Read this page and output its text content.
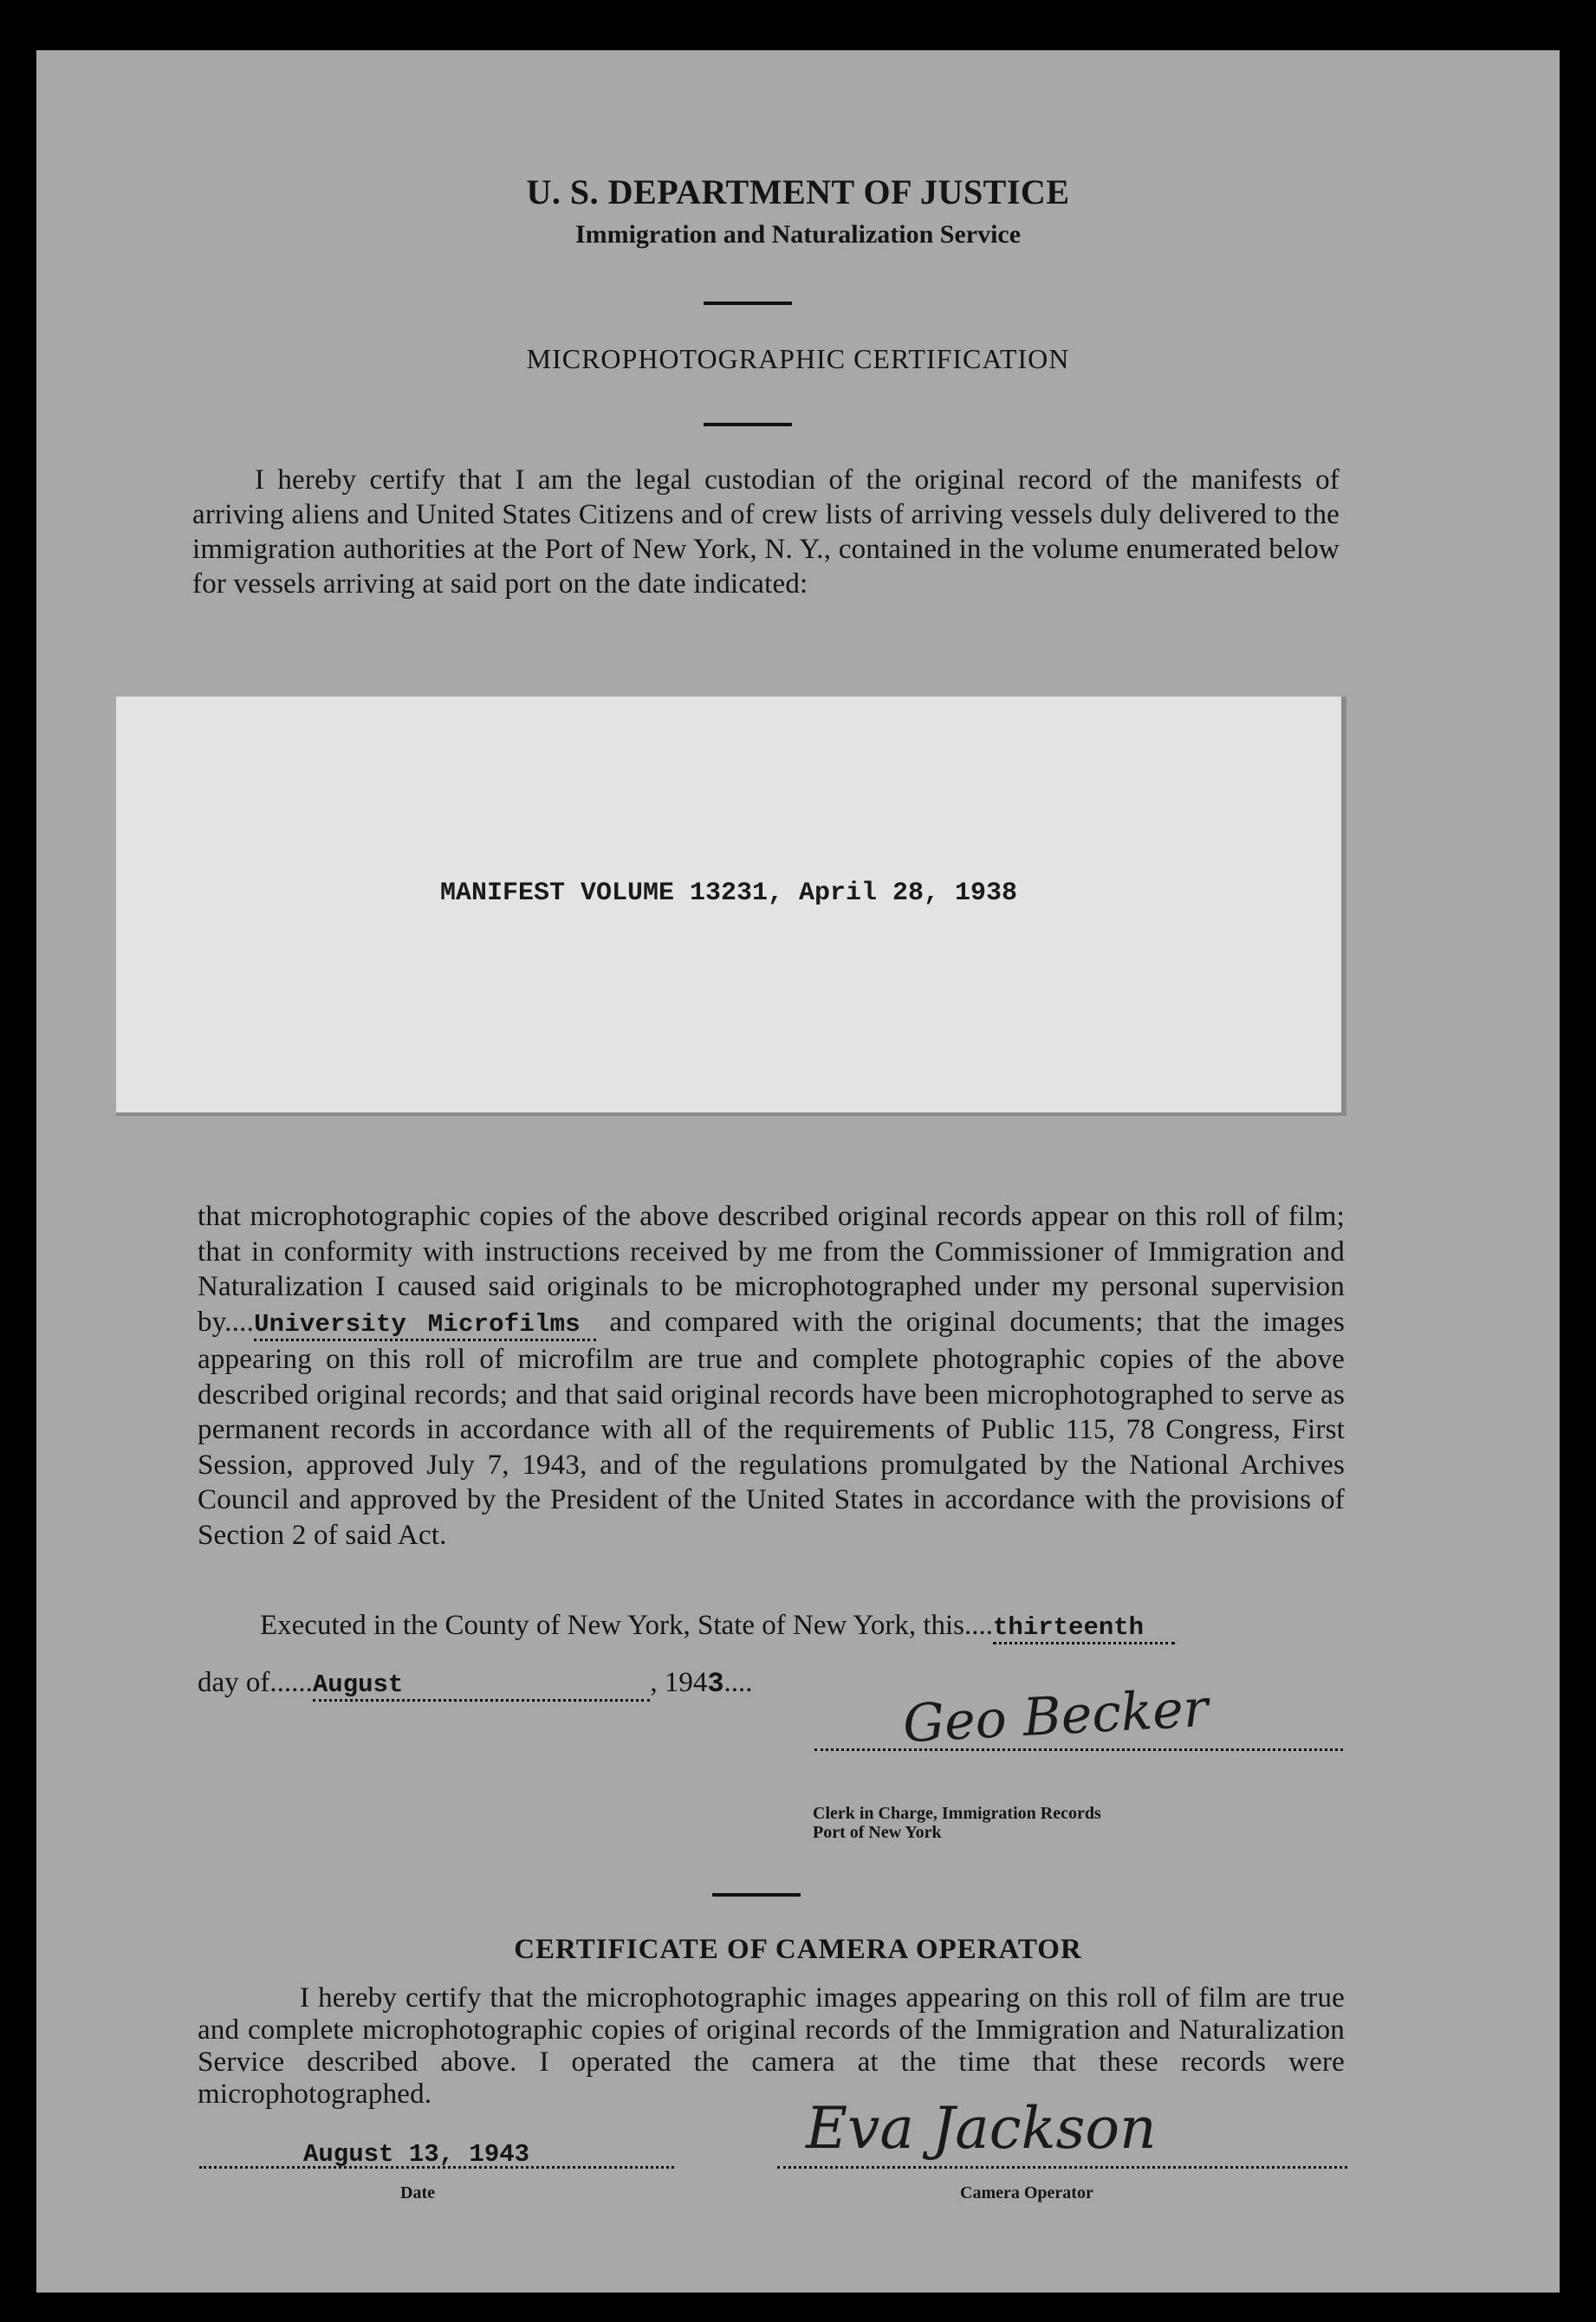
U. S. DEPARTMENT OF JUSTICE
Immigration and Naturalization Service
MICROPHOTOGRAPHIC CERTIFICATION
I hereby certify that I am the legal custodian of the original record of the manifests of arriving aliens and United States Citizens and of crew lists of arriving vessels duly delivered to the immigration authorities at the Port of New York, N. Y., contained in the volume enumerated below for vessels arriving at said port on the date indicated:
MANIFEST VOLUME 13231, April 28, 1938
that microphotographic copies of the above described original records appear on this roll of film; that in conformity with instructions received by me from the Commissioner of Immigration and Naturalization I caused said originals to be microphotographed under my personal supervision by....University Microfilms and compared with the original documents; that the images appearing on this roll of microfilm are true and complete photographic copies of the above described original records; and that said original records have been microphotographed to serve as permanent records in accordance with all of the requirements of Public 115, 78 Congress, First Session, approved July 7, 1943, and of the regulations promulgated by the National Archives Council and approved by the President of the United States in accordance with the provisions of Section 2 of said Act.
Executed in the County of New York, State of New York, this....thirteenth
day of......August	, 1943....	Geo Becker
Clerk in Charge, Immigration Records
Port of New York
CERTIFICATE OF CAMERA OPERATOR
I hereby certify that the microphotographic images appearing on this roll of film are true and complete microphotographic copies of original records of the Immigration and Naturalization Service described above. I operated the camera at the time that these records were microphotographed.
August 13, 1943
Date
Eva Jackson
Camera Operator
